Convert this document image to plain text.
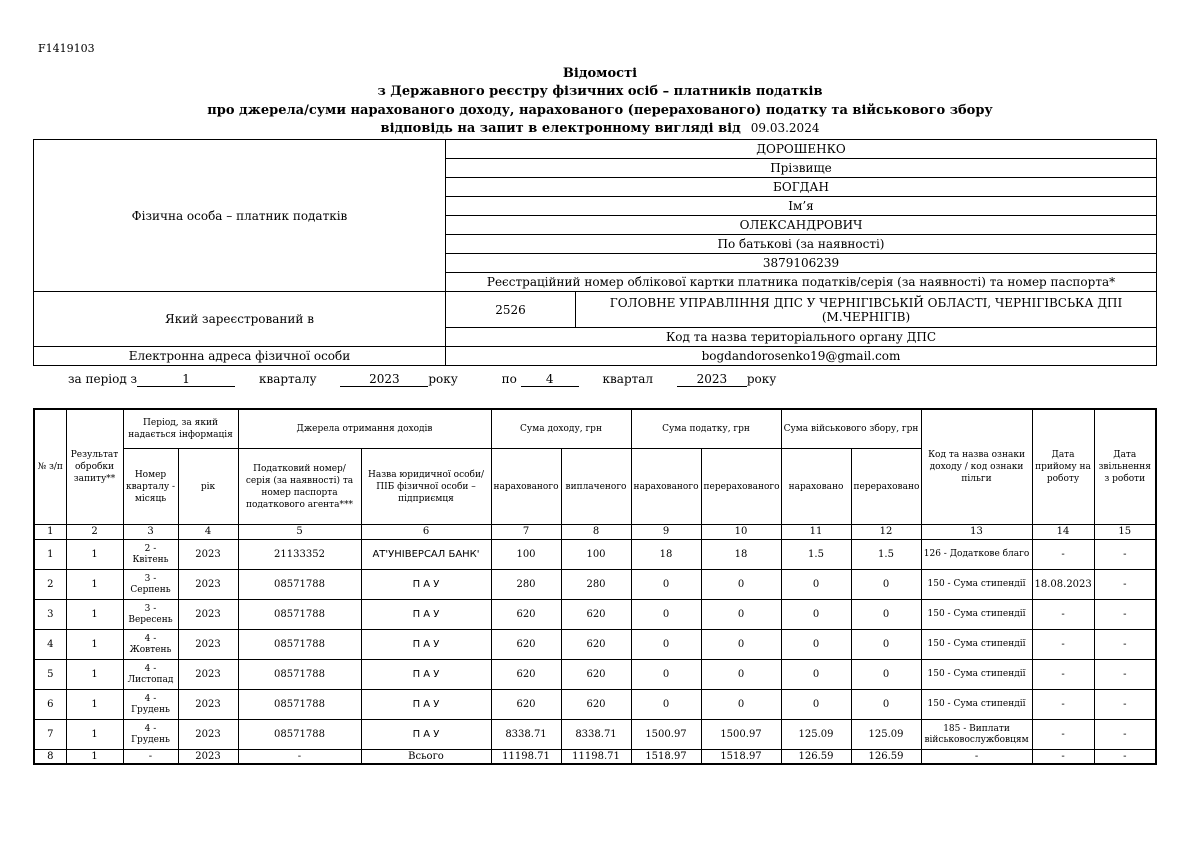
F1419103
Відомості
з Державного реєстру фізичних осіб – платників податків
про джерела/суми нарахованого доходу, нарахованого (перерахованого) податку та військового збору
відповідь на запит в електронному вигляді від 09.03.2024
Фізична особа – платник податків	ДОРОШЕНКО	
	Прізвище	
	БОГДАН	
	Ім’я	
	ОЛЕКСАНДРОВИЧ	
	По батькові (за наявності)	
	3879106239	
	Реєстраційний номер облікової картки платника податків/серія (за наявності) та номер паспорта*	
Який зареєстрований в	2526	ГОЛОВНЕ УПРАВЛІННЯ ДПС У ЧЕРНІГІВСЬКІЙ ОБЛАСТІ, ЧЕРНІГІВСЬКА ДПІ (М.ЧЕРНІГІВ)
	Код та назва територіального органу ДПС	
Електронна адреса фізичної особи	bogdandorosenko19@gmail.com	
за період з	1	кварталу	2023 року	по 4	квартал	2023 року
№ з/п	Результат обробки запиту**	Період, за який надається інформація		Джерела отримання доходів		Сума доходу, грн		Сума податку, грн		Сума військового збору, грн		Код та назва ознаки доходу / код ознаки пільги	Дата прийому на роботу	Дата звільнення з роботи
		Номер кварталу - місяць	рік	Податковий номер/ серія (за наявності) та номер паспорта податкового агента***	Назва юридичної особи/ПІБ фізичної особи – підприємця	нарахованого	виплаченого	нарахованого	перерахованого	нараховано	перераховано			
1	2	3	4	5	6	7	8	9	10	11	12	13	14	15
1	1	2 - Квітень	2023	21133352	АТ'УНІВЕРСАЛ БАНК'	100	100	18	18	1.5	1.5	126 - Додаткове благо	-	-
2	1	3 - Серпень	2023	08571788	П А У	280	280	0	0	0	0	150 - Сума стипендії	18.08.2023	-
3	1	3 - Вересень	2023	08571788	П А У	620	620	0	0	0	0	150 - Сума стипендії	-	-
4	1	4 - Жовтень	2023	08571788	П А У	620	620	0	0	0	0	150 - Сума стипендії	-	-
5	1	4 - Листопад	2023	08571788	П А У	620	620	0	0	0	0	150 - Сума стипендії	-	-
6	1	4 - Грудень	2023	08571788	П А У	620	620	0	0	0	0	150 - Сума стипендії	-	-
7	1	4 - Грудень	2023	08571788	П А У	8338.71	8338.71	1500.97	1500.97	125.09	125.09	185 - Виплати військовослужбовцям	-	-
8	1	-	2023	-	Всього	11198.71	11198.71	1518.97	1518.97	126.59	126.59	-	-	-
